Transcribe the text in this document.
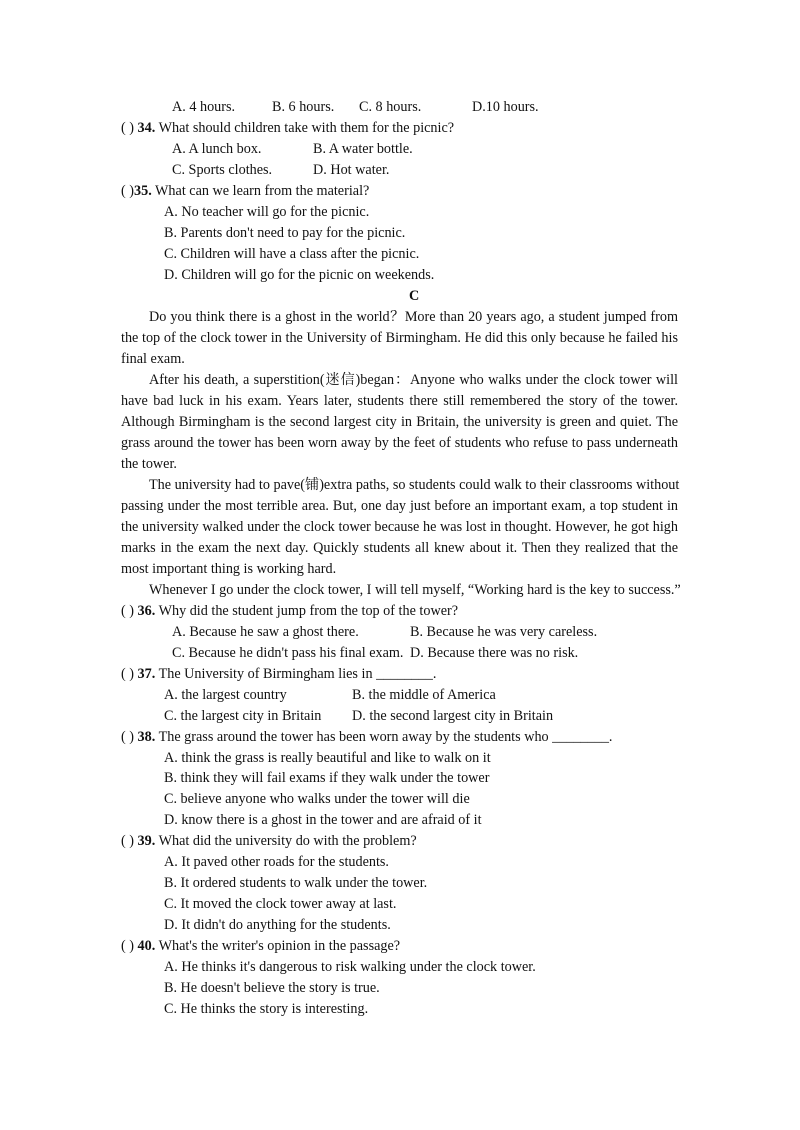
A. 4 hours.	B. 6 hours. C. 8 hours.	D.10 hours.
( ) 34. What should children take with them for the picnic?
A. A lunch box.	B. A water bottle.
C. Sports clothes.	D. Hot water.
( )35. What can we learn from the material?
A. No teacher will go for the picnic.
B. Parents don't need to pay for the picnic.
C. Children will have a class after the picnic.
D. Children will go for the picnic on weekends.
C
Do you think there is a ghost in the world？More than 20 years ago, a student jumped from
the top of the clock tower in the University of Birmingham. He did this only because he failed his
final exam.
After his death, a superstition(迷信)began：Anyone who walks under the clock tower will
have bad luck in his exam. Years later, students there still remembered the story of the tower.
Although Birmingham is the second largest city in Britain, the university is green and quiet. The
grass around the tower has been worn away by the feet of students who refuse to pass underneath
the tower.
The university had to pave(铺)extra paths, so students could walk to their classrooms without
passing under the most terrible area. But, one day just before an important exam, a top student in
the university walked under the clock tower because he was lost in thought. However, he got high
marks in the exam the next day. Quickly students all knew about it. Then they realized that the
most important thing is working hard.
Whenever I go under the clock tower, I will tell myself, “Working hard is the key to success.”
( ) 36. Why did the student jump from the top of the tower?
A. Because he saw a ghost there.	B. Because he was very careless.
C. Because he didn't pass his final exam. D. Because there was no risk.
( ) 37. The University of Birmingham lies in ________.
A. the largest country	B. the middle of America
C. the largest city in Britain D. the second largest city in Britain
( ) 38. The grass around the tower has been worn away by the students who ________.
A. think the grass is really beautiful and like to walk on it
B. think they will fail exams if they walk under the tower
C. believe anyone who walks under the tower will die
D. know there is a ghost in the tower and are afraid of it
( ) 39. What did the university do with the problem?
A. It paved other roads for the students.
B. It ordered students to walk under the tower.
C. It moved the clock tower away at last.
D. It didn't do anything for the students.
( ) 40. What's the writer's opinion in the passage?
A. He thinks it's dangerous to risk walking under the clock tower.
B. He doesn't believe the story is true.
C. He thinks the story is interesting.
